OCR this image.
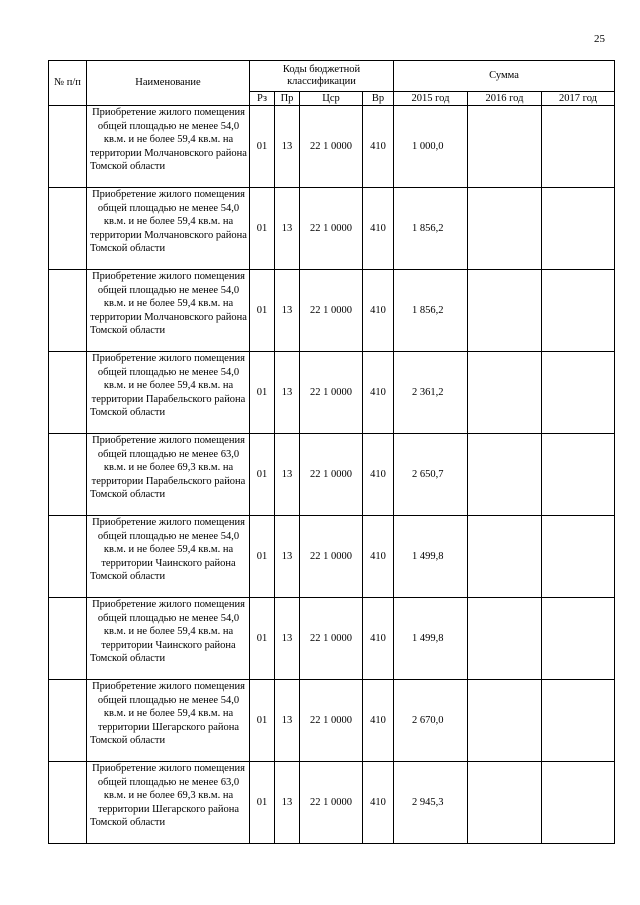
25
№ п/п	Наименование	Коды бюджетной классификации				Сумма		
		Рз	Пр	Цср	Вр	2015 год	2016 год	2017 год
	Приобретение жилого помещения общей площадью не менее 54,0 кв.м. и не более 59,4 кв.м. на территории Молчановского района Томской области	01	13	22 1 0000	410	1 000,0		
	Приобретение жилого помещения общей площадью не менее 54,0 кв.м. и не более 59,4 кв.м. на территории Молчановского района Томской области	01	13	22 1 0000	410	1 856,2		
	Приобретение жилого помещения общей площадью не менее 54,0 кв.м. и не более 59,4 кв.м. на территории Молчановского района Томской области	01	13	22 1 0000	410	1 856,2		
	Приобретение жилого помещения общей площадью не менее 54,0 кв.м. и не более 59,4 кв.м. на территории Парабельского района Томской области	01	13	22 1 0000	410	2 361,2		
	Приобретение жилого помещения общей площадью не менее 63,0 кв.м. и не более 69,3 кв.м. на территории Парабельского района Томской области	01	13	22 1 0000	410	2 650,7		
	Приобретение жилого помещения общей площадью не менее 54,0 кв.м. и не более 59,4 кв.м. на территории Чаинского района Томской области	01	13	22 1 0000	410	1 499,8		
	Приобретение жилого помещения общей площадью не менее 54,0 кв.м. и не более 59,4 кв.м. на территории Чаинского района Томской области	01	13	22 1 0000	410	1 499,8		
	Приобретение жилого помещения общей площадью не менее 54,0 кв.м. и не более 59,4 кв.м. на территории Шегарского района Томской области	01	13	22 1 0000	410	2 670,0		
	Приобретение жилого помещения общей площадью не менее 63,0 кв.м. и не более 69,3 кв.м. на территории Шегарского района Томской области	01	13	22 1 0000	410	2 945,3		
